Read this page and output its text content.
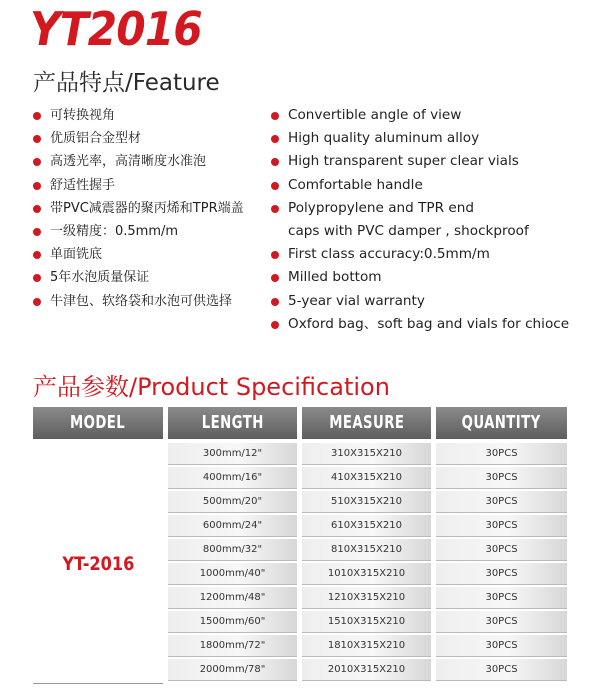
YT2016
产品特点/Feature
可转换视角
优质铝合金型材
高透光率，高清晰度水准泡
舒适性握手
带PVC减震器的聚丙烯和TPR端盖
一级精度：0.5mm/m
单面铣底
5年水泡质量保证
牛津包、软络袋和水泡可供选择
Convertible angle of view
High quality aluminum alloy
High transparent super clear vials
Comfortable handle
Polypropylene and TPR end
caps with PVC damper , shockproof
First class accuracy:0.5mm/m
Milled bottom
5-year vial warranty
Oxford bag、soft bag and vials for chioce
产品参数/Product Specification
MODEL	LENGTH	MEASURE	QUANTITY
YT-2016
300mm/12"	310X315X210	30PCS
400mm/16"	410X315X210	30PCS
500mm/20"	510X315X210	30PCS
600mm/24"	610X315X210	30PCS
800mm/32"	810X315X210	30PCS
1000mm/40"	1010X315X210	30PCS
1200mm/48"	1210X315X210	30PCS
1500mm/60"	1510X315X210	30PCS
1800mm/72"	1810X315X210	30PCS
2000mm/78"	2010X315X210	30PCS
